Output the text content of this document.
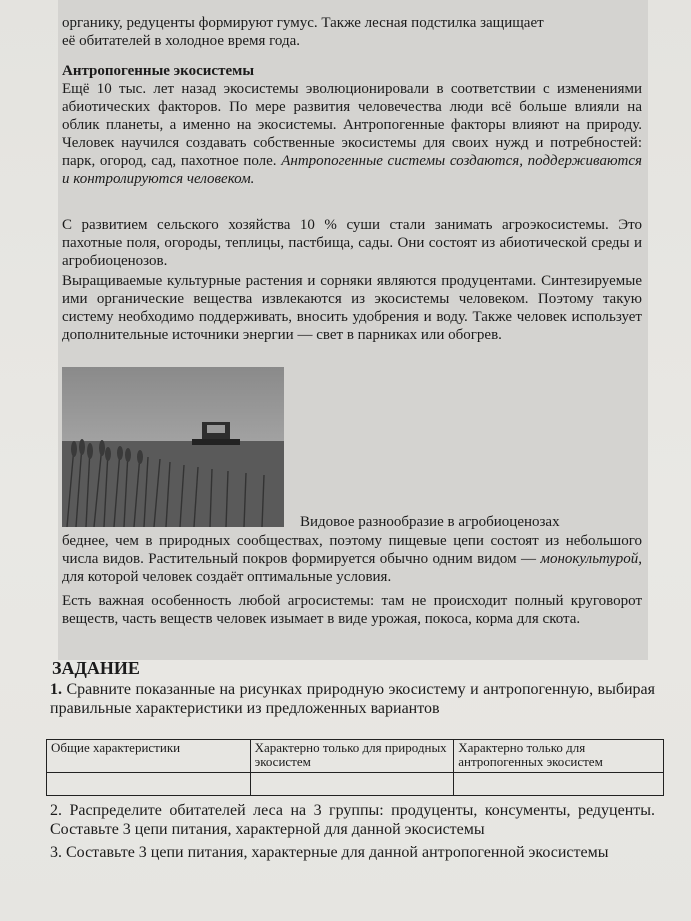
органику, редуценты формируют гумус. Также лесная подстилка защищает

её обитателей в холодное время года.

Антропогенные экосистемы

Ещё 10 тыс. лет назад экосистемы эволюционировали в соответствии с изменениями абиотических факторов. По мере развития человечества люди всё больше влияли на облик планеты, а именно на экосистемы. Антропогенные факторы влияют на природу. Человек научился создавать собственные экосистемы для своих нужд и потребностей: парк, огород, сад, пахотное поле. Антропогенные системы создаются, поддерживаются и контролируются человеком.

С развитием сельского хозяйства 10 % суши стали занимать агроэкосистемы. Это пахотные поля, огороды, теплицы, пастбища, сады. Они состоят из абиотической среды и агробиоценозов.
Выращиваемые культурные растения и сорняки являются продуцентами. Синтезируемые ими органические вещества извлекаются из экосистемы человеком. Поэтому такую систему необходимо поддерживать, вносить удобрения и воду. Также человек использует дополнительные источники энергии — свет в парниках или обогрев.
Видовое разнообразие в агробиоценозах

беднее, чем в природных сообществах, поэтому пищевые цепи состоят из небольшого числа видов. Растительный покров формируется обычно одним видом — монокультурой, для которой человек создаёт оптимальные условия.

Есть важная особенность любой агросистемы: там не происходит полный круговорот веществ, часть веществ человек изымает в виде урожая, покоса, корма для скота.
ЗАДАНИЕ

1. Сравните показанные на рисунках природную экосистему и антропогенную, выбирая правильные характеристики из предложенных вариантов

Общие характеристики	Характерно только для природных экосистем	Характерно только для антропогенных экосистем

2. Распределите обитателей леса на 3 группы: продуценты, консументы, редуценты. Составьте 3 цепи питания, характерной для данной экосистемы
3. Составьте 3 цепи питания, характерные для данной антропогенной экосистемы
